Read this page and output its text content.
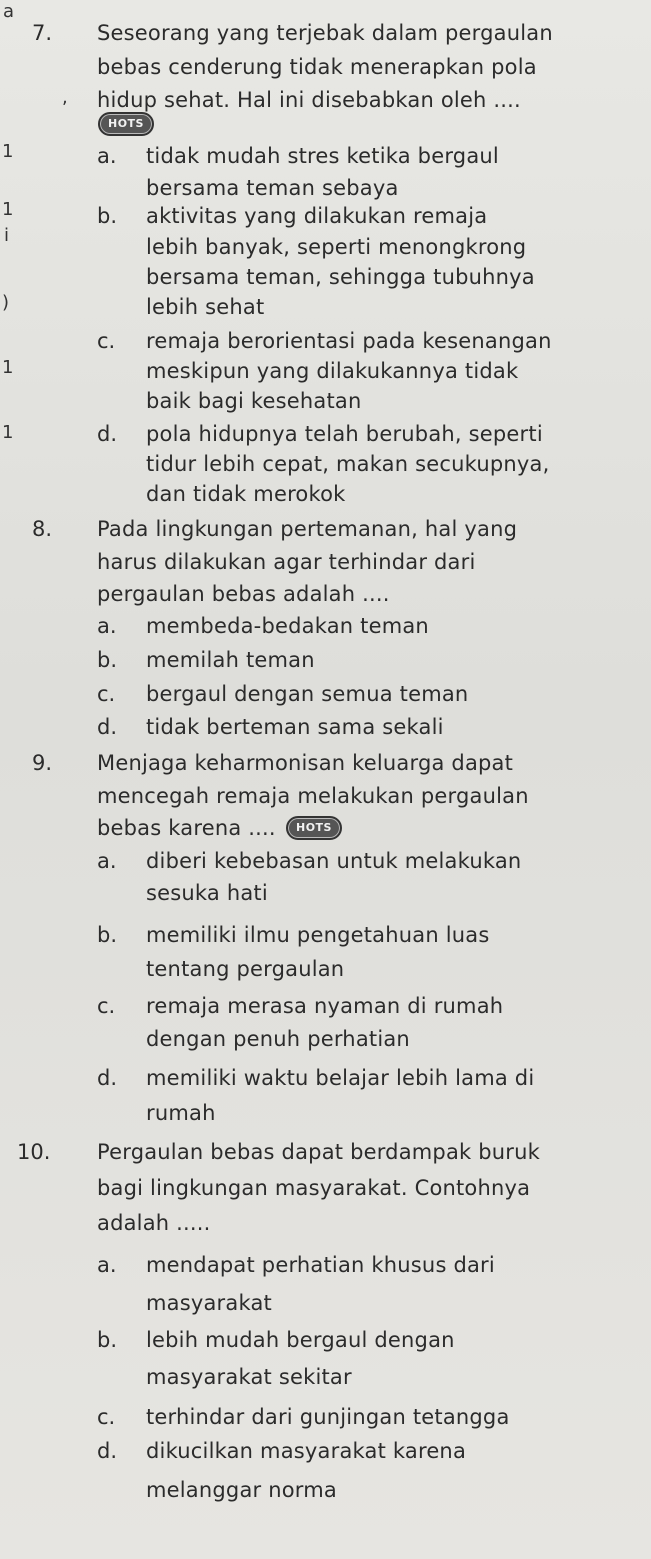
a
,
1
1
i
)
1
1
7. Seseorang yang terjebak dalam pergaulan
bebas cenderung tidak menerapkan pola
hidup sehat. Hal ini disebabkan oleh ....
HOTS
a. tidak mudah stres ketika bergaul
bersama teman sebaya
b. aktivitas yang dilakukan remaja
lebih banyak, seperti menongkrong
bersama teman, sehingga tubuhnya
lebih sehat
c. remaja berorientasi pada kesenangan
meskipun yang dilakukannya tidak
baik bagi kesehatan
d. pola hidupnya telah berubah, seperti
tidur lebih cepat, makan secukupnya,
dan tidak merokok
8. Pada lingkungan pertemanan, hal yang
harus dilakukan agar terhindar dari
pergaulan bebas adalah ....
a. membeda-bedakan teman
b. memilah teman
c. bergaul dengan semua teman
d. tidak berteman sama sekali
9. Menjaga keharmonisan keluarga dapat
mencegah remaja melakukan pergaulan
bebas karena ....	HOTS
a. diberi kebebasan untuk melakukan
sesuka hati
b. memiliki ilmu pengetahuan luas
tentang pergaulan
c. remaja merasa nyaman di rumah
dengan penuh perhatian
d. memiliki waktu belajar lebih lama di
rumah
10. Pergaulan bebas dapat berdampak buruk
bagi lingkungan masyarakat. Contohnya
adalah .....
a. mendapat perhatian khusus dari
masyarakat
b. lebih mudah bergaul dengan
masyarakat sekitar
c. terhindar dari gunjingan tetangga
d. dikucilkan masyarakat karena
melanggar norma
